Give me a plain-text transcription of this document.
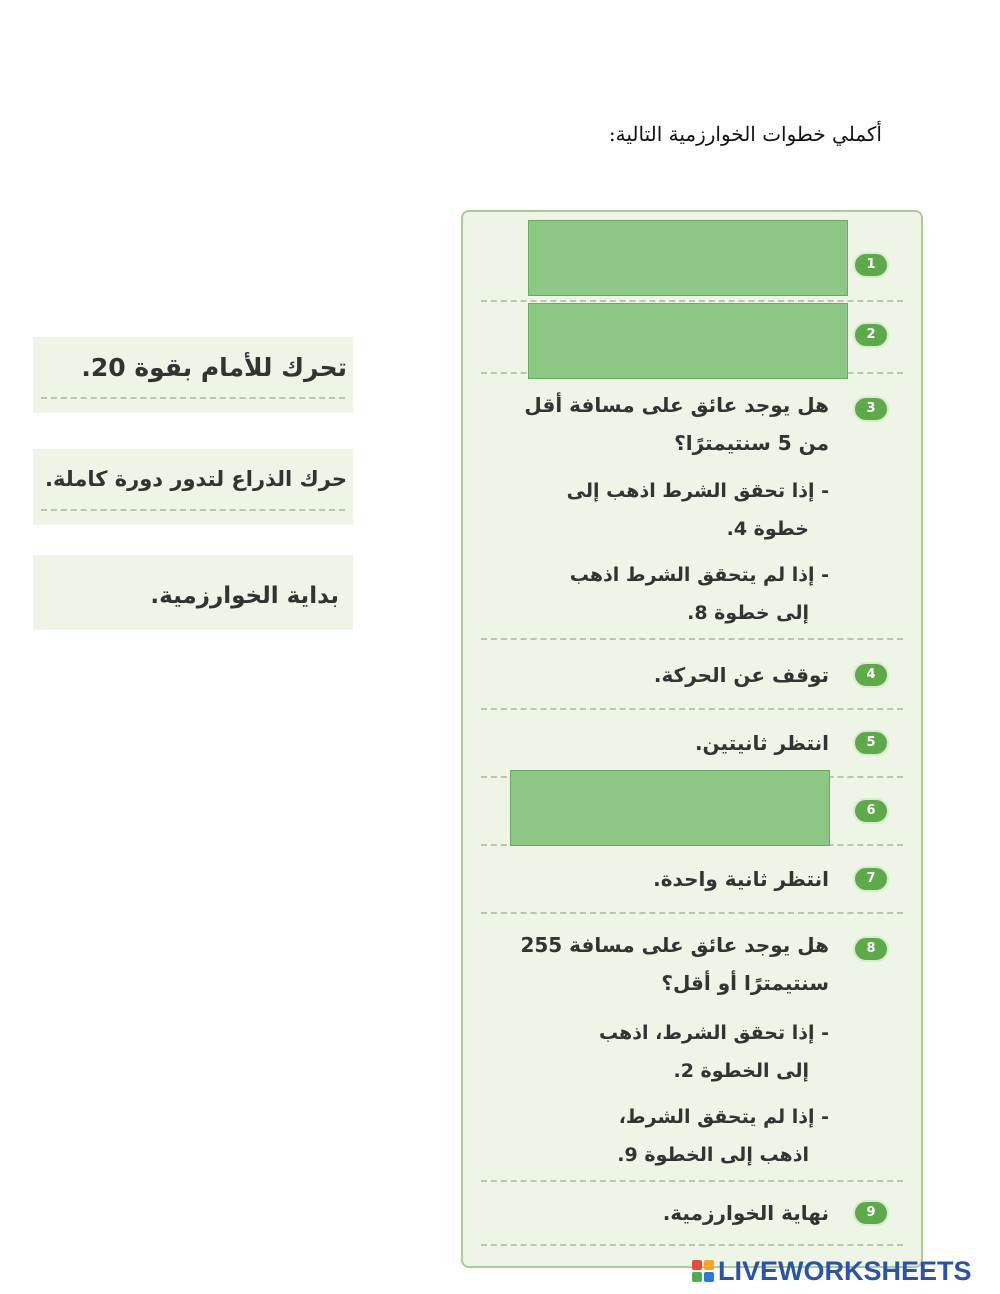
أكملي خطوات الخوارزمية التالية:
1
2
3
هل يوجد عائق على مسافة أقل من 5 سنتيمترًا؟
- إذا تحقق الشرط اذهب إلى
خطوة 4.
- إذا لم يتحقق الشرط اذهب
إلى خطوة 8.
4
توقف عن الحركة.
5
انتظر ثانيتين.
6
7
انتظر ثانية واحدة.
8
هل يوجد عائق على مسافة 255 سنتيمترًا أو أقل؟
- إذا تحقق الشرط، اذهب
إلى الخطوة 2.
- إذا لم يتحقق الشرط،
اذهب إلى الخطوة 9.
9
نهاية الخوارزمية.
تحرك للأمام بقوة 20.
حرك الذراع لتدور دورة كاملة.
بداية الخوارزمية.
LIVEWORKSHEETS
